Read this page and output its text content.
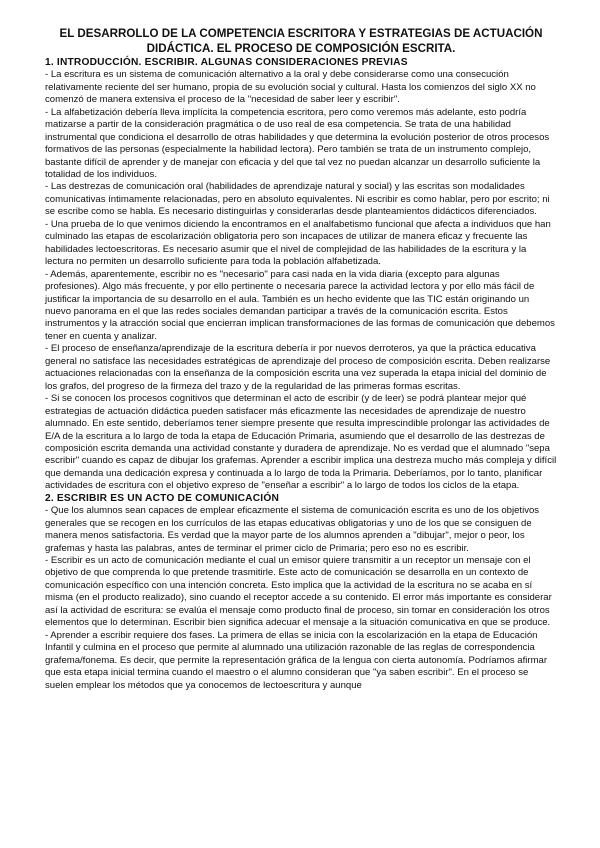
EL DESARROLLO DE LA COMPETENCIA ESCRITORA Y ESTRATEGIAS DE ACTUACIÓN DIDÁCTICA. EL PROCESO DE COMPOSICIÓN ESCRITA.
1. INTRODUCCIÓN. ESCRIBIR. ALGUNAS CONSIDERACIONES PREVIAS

- La escritura es un sistema de comunicación alternativo a la oral y debe considerarse como una consecución relativamente reciente del ser humano, propia de su evolución social y cultural. Hasta los comienzos del siglo XX no comenzó de manera extensiva el proceso de la "necesidad de saber leer y escribir".

- La alfabetización debería lleva implícita la competencia escritora, pero como veremos más adelante, esto podría matizarse a partir de la consideración pragmática o de uso real de esa competencia. Se trata de una habilidad instrumental que condiciona el desarrollo de otras habilidades y que determina la evolución posterior de otros procesos formativos de las personas (especialmente la habilidad lectora). Pero también se trata de un instrumento complejo, bastante difícil de aprender y de manejar con eficacia y del que tal vez no puedan alcanzar un desarrollo suficiente la totalidad de los individuos.

- Las destrezas de comunicación oral (habilidades de aprendizaje natural y social) y las escritas son modalidades comunicativas íntimamente relacionadas, pero en absoluto equivalentes. Ni escribir es como hablar, pero por escrito; ni se escribe como se habla. Es necesario distinguirlas y considerarlas desde planteamientos didácticos diferenciados.

- Una prueba de lo que venimos diciendo la encontramos en el analfabetismo funcional que afecta a individuos que han culminado las etapas de escolarización obligatoria pero son incapaces de utilizar de manera eficaz y frecuente las habilidades lectoescritoras. Es necesario asumir que el nivel de complejidad de las habilidades de la escritura y la lectura no permiten un desarrollo suficiente para toda la población alfabetizada.

- Además, aparentemente, escribir no es "necesario" para casi nada en la vida diaria (excepto para algunas profesiones). Algo más frecuente, y por ello pertinente o necesaria parece la actividad lectora y por ello más fácil de justificar la importancia de su desarrollo en el aula. También es un hecho evidente que las TIC están originando un nuevo panorama en el que las redes sociales demandan participar a través de la comunicación escrita. Estos instrumentos y la atracción social que encierran implican transformaciones de las formas de comunicación que debemos tener en cuenta y analizar.

- El proceso de enseñanza/aprendizaje de la escritura debería ir por nuevos derroteros, ya que la práctica educativa general no satisface las necesidades estratégicas de aprendizaje del proceso de composición escrita. Deben realizarse actuaciones relacionadas con la enseñanza de la composición escrita una vez superada la etapa inicial del dominio de los grafos, del progreso de la firmeza del trazo y de la regularidad de las primeras formas escritas.

- Si se conocen los procesos cognitivos que determinan el acto de escribir (y de leer) se podrá plantear mejor qué estrategias de actuación didáctica pueden satisfacer más eficazmente las necesidades de aprendizaje de nuestro alumnado. En este sentido, deberíamos tener siempre presente que resulta imprescindible prolongar las actividades de E/A de la escritura a lo largo de toda la etapa de Educación Primaria, asumiendo que el desarrollo de las destrezas de composición escrita demanda una actividad constante y duradera de aprendizaje. No es verdad que el alumnado "sepa escribir" cuando es capaz de dibujar los grafemas. Aprender a escribir implica una destreza mucho más compleja y difícil que demanda una dedicación expresa y continuada a lo largo de toda la Primaria. Deberíamos, por lo tanto, planificar actividades de escritura con el objetivo expreso de "enseñar a escribir" a lo largo de todos los ciclos de la etapa.

2. ESCRIBIR ES UN ACTO DE COMUNICACIÓN

- Que los alumnos sean capaces de emplear eficazmente el sistema de comunicación escrita es uno de los objetivos generales que se recogen en los currículos de las etapas educativas obligatorias y uno de los que se consiguen de manera menos satisfactoria. Es verdad que la mayor parte de los alumnos aprenden a "dibujar", mejor o peor, los grafemas y hasta las palabras, antes de terminar el primer ciclo de Primaria; pero eso no es escribir.

- Escribir es un acto de comunicación mediante el cual un emisor quiere transmitir a un receptor un mensaje con el objetivo de que comprenda lo que pretende trasmitirle. Este acto de comunicación se desarrolla en un contexto de comunicación específico con una intención concreta. Esto implica que la actividad de la escritura no se acaba en sí misma (en el producto realizado), sino cuando el receptor accede a su contenido. El error más importante es considerar así la actividad de escritura: se evalúa el mensaje como producto final de proceso, sin tomar en consideración los otros elementos que lo determinan. Escribir bien significa adecuar el mensaje a la situación comunicativa en que se produce.

- Aprender a escribir requiere dos fases. La primera de ellas se inicia con la escolarización en la etapa de Educación Infantil y culmina en el proceso que permite al alumnado una utilización razonable de las reglas de correspondencia grafema/fonema. Es decir, que permite la representación gráfica de la lengua con cierta autonomía. Podríamos afirmar que esta etapa inicial termina cuando el maestro o el alumno consideran que "ya saben escribir". En el proceso se suelen emplear los métodos que ya conocemos de lectoescritura y aunque
